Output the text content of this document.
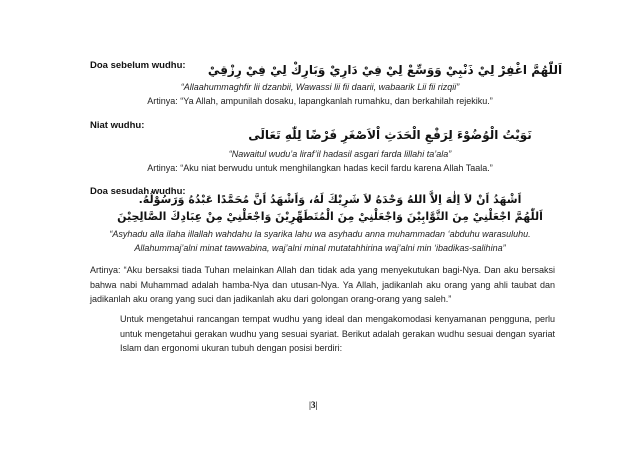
Doa sebelum wudhu:	اَللّٰهُمَّ اغْفِرْ لِيْ ذَنْبِيْ وَوَسِّعْ لِيْ فِيْ دَارِيْ وَبَارِكْ لِيْ فِيْ رِزْقِيْ
“Allaahummaghfir lii dzanbii, Wawassi lii fii daarii, wabaarik Lii fii rizqii”
Artinya: “Ya Allah, ampunilah dosaku, lapangkanlah rumahku, dan berkahilah rejekiku.”
Niat wudhu:
نَوَيْتُ الْوُضُوْءَ لِرَفْعِ الْحَدَثِ اْلاَصْغَرِ فَرْضًا لِلّٰهِ تَعَالَى
“Nawaitul wudu’a liraf’il hadasil asgari farda lillahi ta’ala”
Artinya: “Aku niat berwudu untuk menghilangkan hadas kecil fardu karena Allah Taala.”
Doa sesudah wudhu:
اَشْهَدُ اَنْ لاَ اِلٰهَ اِلاَّ اللهُ وَحْدَهُ لاَ شَرِيْكَ لَهُ، وَاَشْهَدُ اَنَّ مُحَمَّدًا عَبْدُهُ وَرَسُوْلُهُ.
اَللّٰهُمَّ اجْعَلْنِيْ مِنَ التَّوَّابِيْنَ وَاجْعَلْنِيْ مِنَ الْمُتَطَهِّرِيْنَ وَاجْعَلْنِيْ مِنْ عِبَادِكَ الصَّالِحِيْنَ
“Asyhadu alla ilaha illallah wahdahu la syarika lahu wa asyhadu anna muhammadan ‘abduhu warasuluhu.
Allahummaj’alni minat tawwabina, waj’alni minal mutatahhirina waj’alni min ‘ibadikas-salihina”
Artinya: “Aku bersaksi tiada Tuhan melainkan Allah dan tidak ada yang menyekutukan bagi-Nya. Dan aku bersaksi bahwa nabi Muhammad adalah hamba-Nya dan utusan-Nya. Ya Allah, jadikanlah aku orang yang ahli taubat dan jadikanlah aku orang yang suci dan jadikanlah aku dari golongan orang-orang yang saleh.”
Untuk mengetahui rancangan tempat wudhu yang ideal dan mengakomodasi kenyamanan pengguna, perlu untuk mengetahui gerakan wudhu yang sesuai syariat. Berikut adalah gerakan wudhu sesuai dengan syariat Islam dan ergonomi ukuran tubuh dengan posisi berdiri:
|3|
